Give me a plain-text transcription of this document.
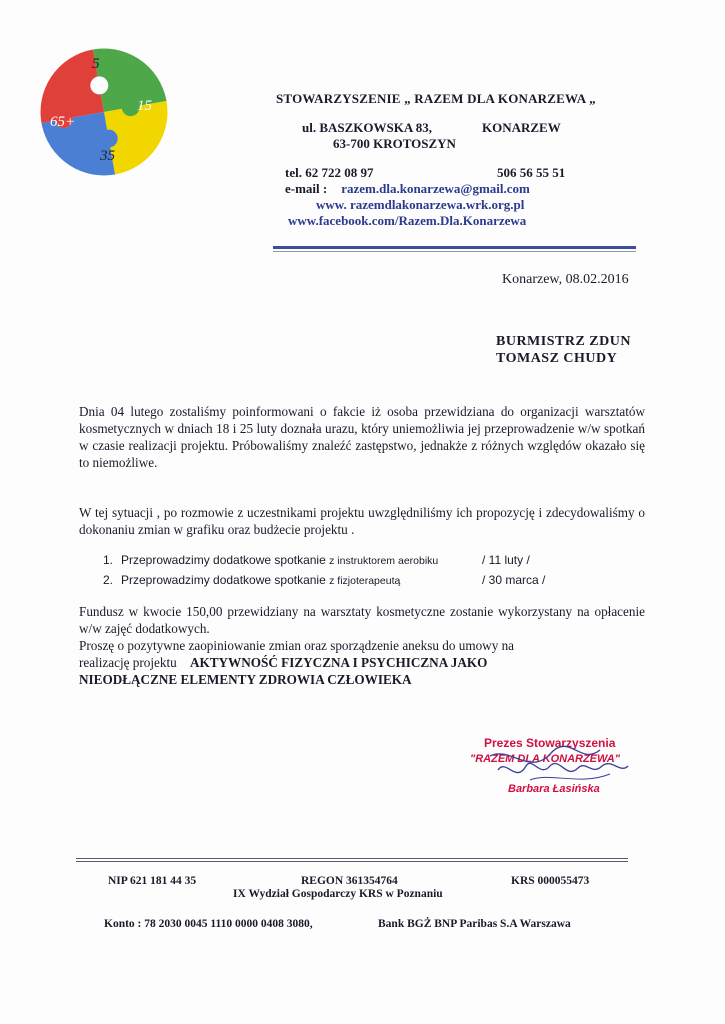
5
15
35
65+
STOWARZYSZENIE „ RAZEM DLA KONARZEWA „
ul. BASZKOWSKA 83,	KONARZEW
63-700 KROTOSZYN
tel. 62 722 08 97	506 56 55 51
e-mail : razem.dla.konarzewa@gmail.com
www. razemdlakonarzewa.wrk.org.pl
www.facebook.com/Razem.Dla.Konarzewa
Konarzew, 08.02.2016
BURMISTRZ ZDUN
TOMASZ CHUDY
Dnia 04 lutego zostaliśmy poinformowani o fakcie iż osoba przewidziana do organizacji warsztatów kosmetycznych w dniach 18 i 25 luty doznała urazu, który uniemożliwia jej przeprowadzenie w/w spotkań w czasie realizacji projektu. Próbowaliśmy znaleźć zastępstwo, jednakże z różnych względów okazało się to niemożliwe.
W tej sytuacji , po rozmowie z uczestnikami projektu uwzględniliśmy ich propozycję i zdecydowaliśmy o dokonaniu zmian w grafiku oraz budżecie projektu .
1. Przeprowadzimy dodatkowe spotkanie z instruktorem aerobiku	/ 11 luty /
2. Przeprowadzimy dodatkowe spotkanie z fizjoterapeutą	/ 30 marca /
Fundusz w kwocie 150,00 przewidziany na warsztaty kosmetyczne zostanie wykorzystany na opłacenie w/w zajęć dodatkowych.
Proszę o pozytywne zaopiniowanie zmian oraz sporządzenie aneksu do umowy na
realizację projektu AKTYWNOŚĆ FIZYCZNA I PSYCHICZNA JAKO
NIEODŁĄCZNE ELEMENTY ZDROWIA CZŁOWIEKA
Prezes Stowarzyszenia
"RAZEM DLA KONARZEWA"
Barbara Łasińska
NIP 621 181 44 35	REGON 361354764	KRS 000055473
IX Wydział Gospodarczy KRS w Poznaniu
Konto : 78 2030 0045 1110 0000 0408 3080,	Bank BGŻ BNP Paribas S.A Warszawa
